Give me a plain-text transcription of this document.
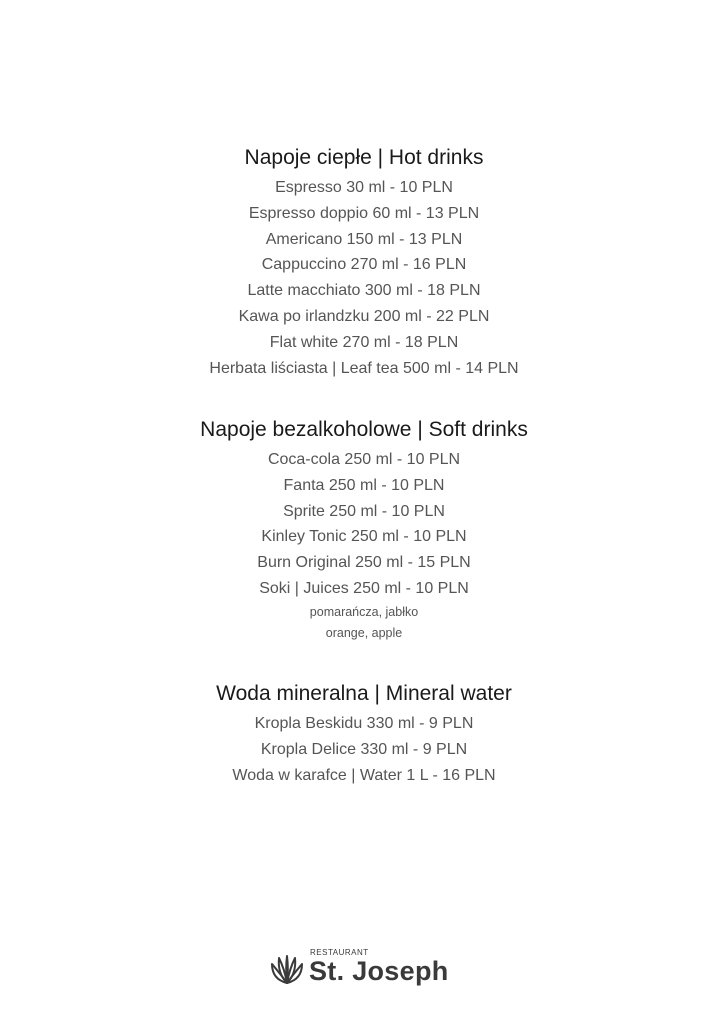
Napoje ciepłe | Hot drinks

Espresso 30 ml - 10 PLN

Espresso doppio 60 ml - 13 PLN

Americano 150 ml - 13 PLN

Cappuccino 270 ml - 16 PLN

Latte macchiato 300 ml - 18 PLN

Kawa po irlandzku 200 ml - 22 PLN

Flat white 270 ml - 18 PLN

Herbata liściasta | Leaf tea 500 ml - 14 PLN

Napoje bezalkoholowe | Soft drinks

Coca-cola 250 ml - 10 PLN

Fanta 250 ml - 10 PLN

Sprite 250 ml - 10 PLN

Kinley Tonic 250 ml - 10 PLN

Burn Original 250 ml - 15 PLN

Soki | Juices 250 ml - 10 PLN

pomarańcza, jabłko

orange, apple

Woda mineralna | Mineral water

Kropla Beskidu 330 ml - 9 PLN

Kropla Delice 330 ml - 9 PLN

Woda w karafce | Water 1 L - 16 PLN

RESTAURANT
St. Joseph
